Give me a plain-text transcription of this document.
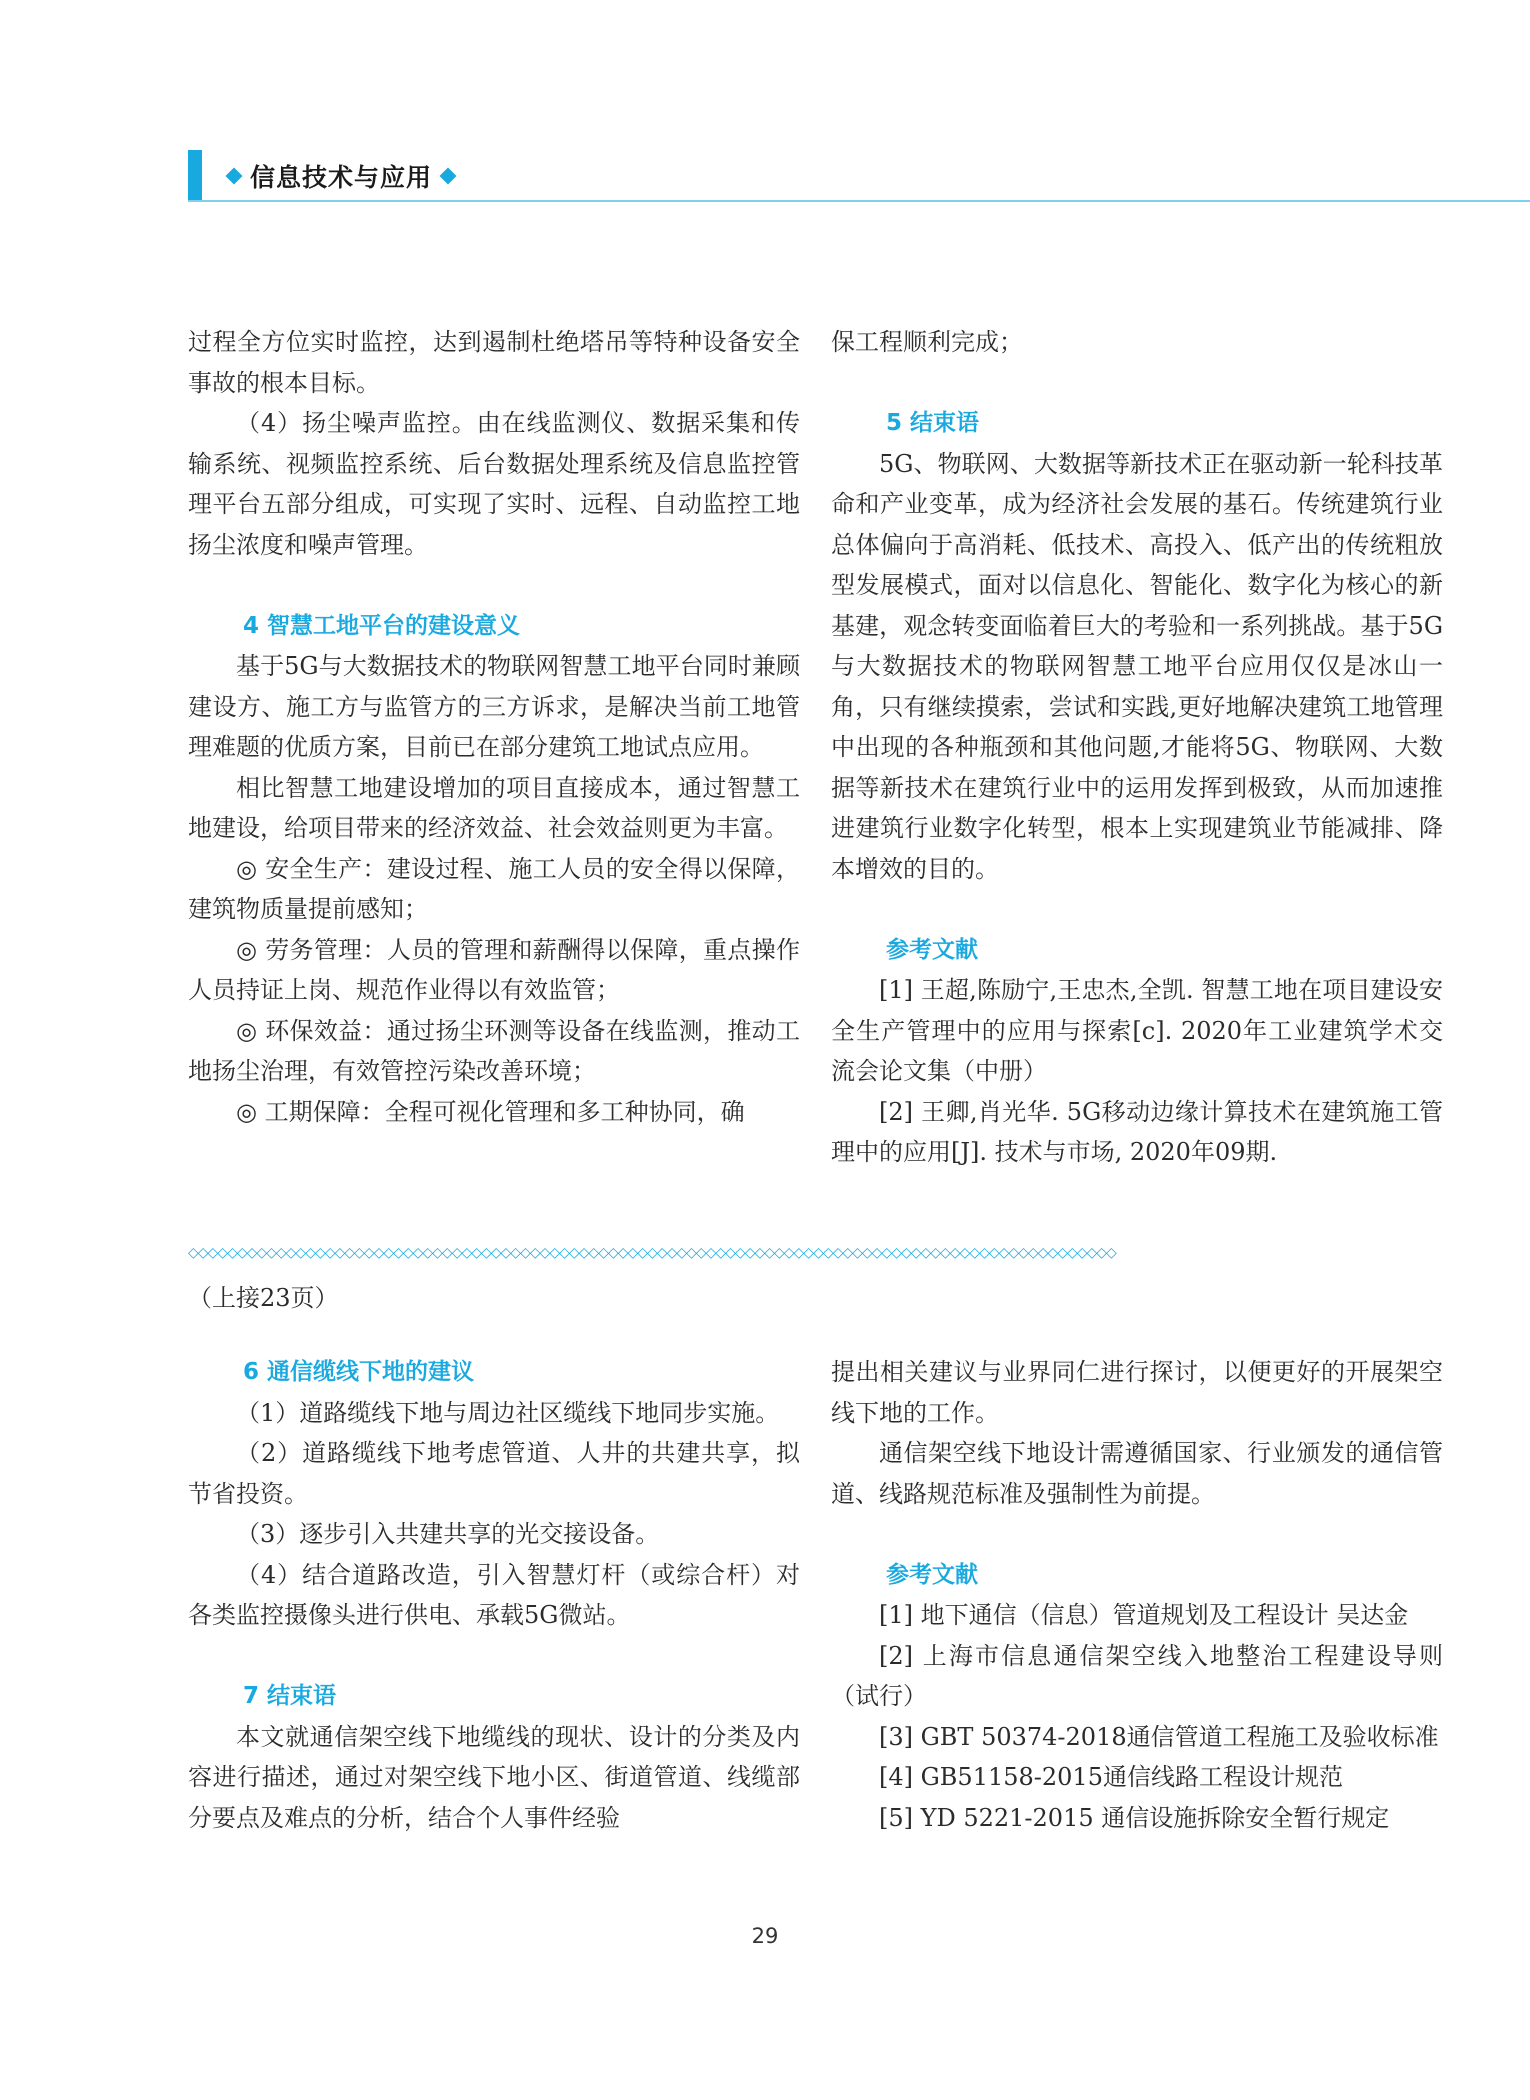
信息技术与应用

过程全方位实时监控，达到遏制杜绝塔吊等特种设备安全事故的根本目标。

（4）扬尘噪声监控。由在线监测仪、数据采集和传输系统、视频监控系统、后台数据处理系统及信息监控管理平台五部分组成，可实现了实时、远程、自动监控工地扬尘浓度和噪声管理。

4 智慧工地平台的建设意义

基于5G与大数据技术的物联网智慧工地平台同时兼顾建设方、施工方与监管方的三方诉求，是解决当前工地管理难题的优质方案，目前已在部分建筑工地试点应用。

相比智慧工地建设增加的项目直接成本，通过智慧工地建设，给项目带来的经济效益、社会效益则更为丰富。

◎ 安全生产：建设过程、施工人员的安全得以保障， 建筑物质量提前感知；

◎ 劳务管理：人员的管理和薪酬得以保障，重点操作人员持证上岗、规范作业得以有效监管；

◎ 环保效益：通过扬尘环测等设备在线监测，推动工地扬尘治理，有效管控污染改善环境；

◎ 工期保障：全程可视化管理和多工种协同，确

保工程顺利完成；

5 结束语

5G、物联网、大数据等新技术正在驱动新一轮科技革命和产业变革，成为经济社会发展的基石。传统建筑行业总体偏向于高消耗、低技术、高投入、低产出的传统粗放型发展模式，面对以信息化、智能化、数字化为核心的新基建，观念转变面临着巨大的考验和一系列挑战。基于5G与大数据技术的物联网智慧工地平台应用仅仅是冰山一角，只有继续摸索，尝试和实践,更好地解决建筑工地管理中出现的各种瓶颈和其他问题,才能将5G、物联网、大数据等新技术在建筑行业中的运用发挥到极致，从而加速推进建筑行业数字化转型，根本上实现建筑业节能减排、降本增效的目的。

参考文献

[1] 王超,陈励宁,王忠杰,全凯. 智慧工地在项目建设安全生产管理中的应用与探索[c]. 2020年工业建筑学术交流会论文集（中册）

[2] 王卿,肖光华. 5G移动边缘计算技术在建筑施工管理中的应用[J]. 技术与市场, 2020年09期.

◇◇◇◇◇◇◇◇◇◇◇◇◇◇◇◇◇◇◇◇◇◇◇◇◇◇◇◇◇◇◇◇◇◇◇◇◇◇◇◇◇◇◇◇◇◇◇◇◇◇◇◇◇◇◇◇◇◇◇◇◇◇◇◇◇◇◇◇◇◇◇◇◇◇◇◇◇◇◇◇◇◇◇◇◇◇◇◇◇◇◇◇◇◇◇
（上接23页）

6 通信缆线下地的建议

（1）道路缆线下地与周边社区缆线下地同步实施。

（2）道路缆线下地考虑管道、人井的共建共享，拟节省投资。

（3）逐步引入共建共享的光交接设备。

（4）结合道路改造，引入智慧灯杆（或综合杆）对各类监控摄像头进行供电、承载5G微站。

7 结束语

本文就通信架空线下地缆线的现状、设计的分类及内容进行描述，通过对架空线下地小区、街道管道、线缆部分要点及难点的分析，结合个人事件经验

提出相关建议与业界同仁进行探讨，以便更好的开展架空线下地的工作。

通信架空线下地设计需遵循国家、行业颁发的通信管道、线路规范标准及强制性为前提。

参考文献

[1] 地下通信（信息）管道规划及工程设计 吴达金

[2] 上海市信息通信架空线入地整治工程建设导则（试行）

[3] GBT 50374-2018通信管道工程施工及验收标准

[4] GB51158-2015通信线路工程设计规范

[5] YD 5221-2015 通信设施拆除安全暂行规定

29
